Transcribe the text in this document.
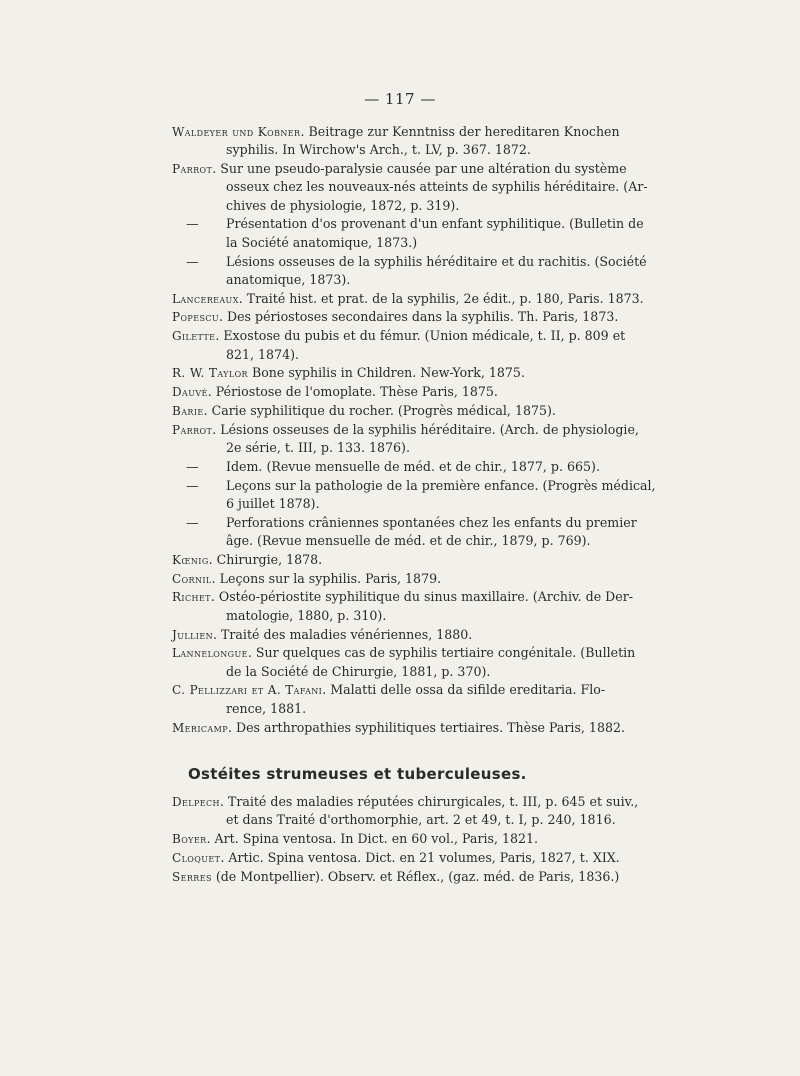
— 117 —
Waldeyer und Kobner. Beitrage zur Kenntniss der hereditaren Knochen
syphilis. In Wirchow's Arch., t. LV, p. 367. 1872.
Parrot. Sur une pseudo-paralysie causée par une altération du système
osseux chez les nouveaux-nés atteints de syphilis héréditaire. (Ar-
chives de physiologie, 1872, p. 319).
— Présentation d'os provenant d'un enfant syphilitique. (Bulletin de
la Société anatomique, 1873.)
— Lésions osseuses de la syphilis héréditaire et du rachitis. (Société
anatomique, 1873).
Lancereaux. Traité hist. et prat. de la syphilis, 2e édit., p. 180, Paris. 1873.
Popescu. Des périostoses secondaires dans la syphilis. Th. Paris, 1873.
Gilette. Exostose du pubis et du fémur. (Union médicale, t. II, p. 809 et
821, 1874).
R. W. Taylor Bone syphilis in Children. New-York, 1875.
Dauvé. Périostose de l'omoplate. Thèse Paris, 1875.
Barie. Carie syphilitique du rocher. (Progrès médical, 1875).
Parrot. Lésions osseuses de la syphilis héréditaire. (Arch. de physiologie,
2e série, t. III, p. 133. 1876).
— Idem. (Revue mensuelle de méd. et de chir., 1877, p. 665).
— Leçons sur la pathologie de la première enfance. (Progrès médical,
6 juillet 1878).
— Perforations crâniennes spontanées chez les enfants du premier
âge. (Revue mensuelle de méd. et de chir., 1879, p. 769).
Kœnig. Chirurgie, 1878.
Cornil. Leçons sur la syphilis. Paris, 1879.
Richet. Ostéo-périostite syphilitique du sinus maxillaire. (Archiv. de Der-
matologie, 1880, p. 310).
Jullien. Traité des maladies vénériennes, 1880.
Lannelongue. Sur quelques cas de syphilis tertiaire congénitale. (Bulletin
de la Société de Chirurgie, 1881, p. 370).
C. Pellizzari et A. Tafani. Malatti delle ossa da sifilde ereditaria. Flo-
rence, 1881.
Mericamp. Des arthropathies syphilitiques tertiaires. Thèse Paris, 1882.
Ostéites strumeuses et tuberculeuses.
Delpech. Traité des maladies réputées chirurgicales, t. III, p. 645 et suiv.,
et dans Traité d'orthomorphie, art. 2 et 49, t. I, p. 240, 1816.
Boyer. Art. Spina ventosa. In Dict. en 60 vol., Paris, 1821.
Cloquet. Artic. Spina ventosa. Dict. en 21 volumes, Paris, 1827, t. XIX.
Serres (de Montpellier). Observ. et Réflex., (gaz. méd. de Paris, 1836.)
